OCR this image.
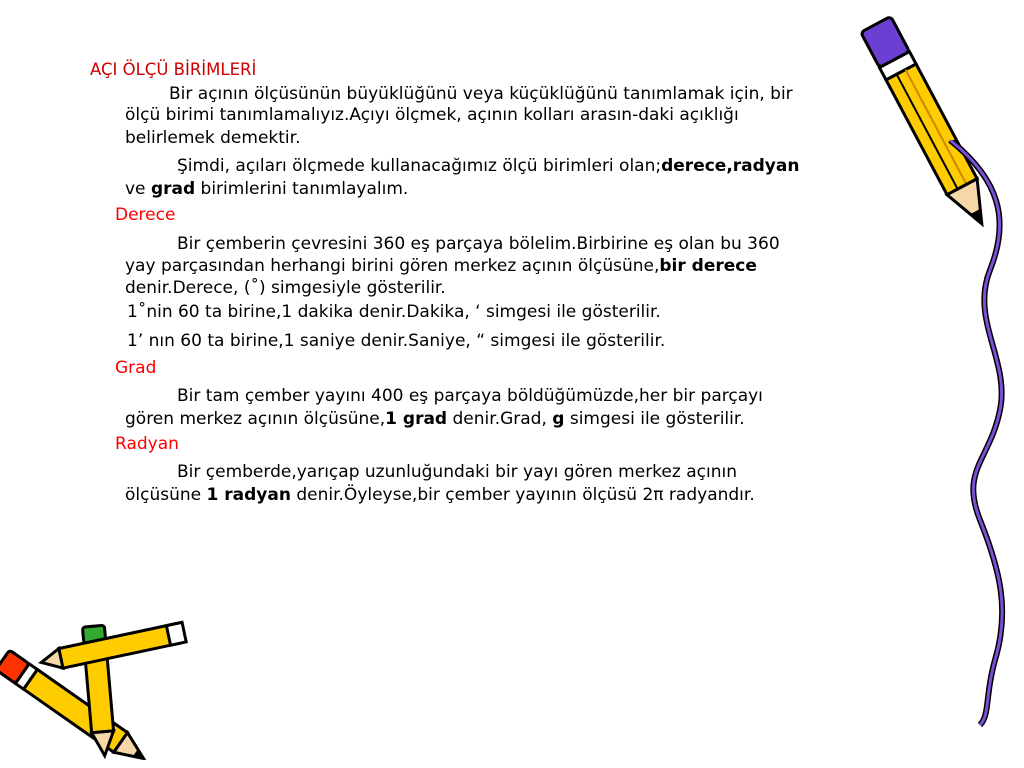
AÇI ÖLÇÜ BİRİMLERİ

Bir açının ölçüsünün büyüklüğünü veya küçüklüğünü tanımlamak için, bir

ölçü birimi tanımlamalıyız.Açıyı ölçmek, açının kolları arasın-daki açıklığı

belirlemek demektir.

Şimdi, açıları ölçmede kullanacağımız ölçü birimleri olan;derece,radyan

ve grad birimlerini tanımlayalım.

Derece

Bir çemberin çevresini 360 eş parçaya bölelim.Birbirine eş olan bu 360

yay parçasından herhangi birini gören merkez açının ölçüsüne,bir derece

denir.Derece, (˚) simgesiyle gösterilir.

1˚nin 60 ta birine,1 dakika denir.Dakika, ‘ simgesi ile gösterilir.

1’ nın 60 ta birine,1 saniye denir.Saniye, “ simgesi ile gösterilir.

Grad

Bir tam çember yayını 400 eş parçaya böldüğümüzde,her bir parçayı

gören merkez açının ölçüsüne,1 grad denir.Grad, g simgesi ile gösterilir.

Radyan

Bir çemberde,yarıçap uzunluğundaki bir yayı gören merkez açının

ölçüsüne 1 radyan denir.Öyleyse,bir çember yayının ölçüsü 2π radyandır.
